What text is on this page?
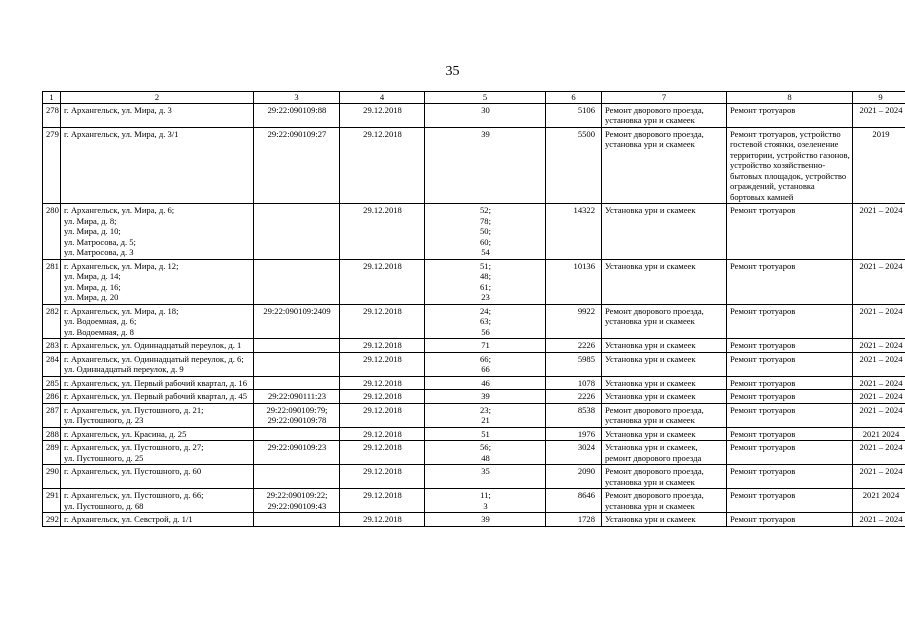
35
1	2	3	4	5	6	7	8	9
278	г. Архангельск, ул. Мира, д. 3	29:22:090109:88	29.12.2018	30	5106	Ремонт дворового проезда, установка урн и скамеек	Ремонт тротуаров	2021 – 2024
279	г. Архангельск, ул. Мира, д. 3/1	29:22:090109:27	29.12.2018	39	5500	Ремонт дворового проезда, установка урн и скамеек	Ремонт тротуаров, устройство гостевой стоянки, озеленение территории, устройство газонов, устройство хозяйственно-бытовых площадок, устройство ограждений, установка бортовых камней	2019
280	г. Архангельск, ул. Мира, д. 6;
ул. Мира, д. 8;
ул. Мира, д. 10;
ул. Матросова, д. 5;
ул. Матросова, д. 3		29.12.2018	52;
78;
50;
60;
54	14322	Установка урн и скамеек	Ремонт тротуаров	2021 – 2024
281	г. Архангельск, ул. Мира, д. 12;
ул. Мира, д. 14;
ул. Мира, д. 16;
ул. Мира, д. 20		29.12.2018	51;
48;
61;
23	10136	Установка урн и скамеек	Ремонт тротуаров	2021 – 2024
282	г. Архангельск, ул. Мира, д. 18;
ул. Водоемная, д. 6;
ул. Водоемная, д. 8	29:22:090109:2409	29.12.2018	24;
63;
56	9922	Ремонт дворового проезда, установка урн и скамеек	Ремонт тротуаров	2021 – 2024
283	г. Архангельск, ул. Одиннадцатый переулок, д. 1		29.12.2018	71	2226	Установка урн и скамеек	Ремонт тротуаров	2021 – 2024
284	г. Архангельск, ул. Одиннадцатый переулок, д. 6;
ул. Одиннадцатый переулок, д. 9		29.12.2018	66;
66	5985	Установка урн и скамеек	Ремонт тротуаров	2021 – 2024
285	г. Архангельск, ул. Первый рабочий квартал, д. 16		29.12.2018	46	1078	Установка урн и скамеек	Ремонт тротуаров	2021 – 2024
286	г. Архангельск, ул. Первый рабочий квартал, д. 45	29:22:090111:23	29.12.2018	39	2226	Установка урн и скамеек	Ремонт тротуаров	2021 – 2024
287	г. Архангельск, ул. Пустошного, д. 21;
ул. Пустошного, д. 23	29:22:090109:79;
29:22:090109:78	29.12.2018	23;
21	8538	Ремонт дворового проезда, установка урн и скамеек	Ремонт тротуаров	2021 – 2024
288	г. Архангельск, ул. Красина, д. 25		29.12.2018	51	1976	Установка урн и скамеек	Ремонт тротуаров	2021 2024
289	г. Архангельск, ул. Пустошного, д. 27;
ул. Пустошного, д. 25	29:22:090109:23	29.12.2018	56;
48	3024	Установка урн и скамеек, ремонт дворового проезда	Ремонт тротуаров	2021 – 2024
290	г. Архангельск, ул. Пустошного, д. 60		29.12.2018	35	2090	Ремонт дворового проезда, установка урн и скамеек	Ремонт тротуаров	2021 – 2024
291	г. Архангельск, ул. Пустошного, д. 66;
ул. Пустошного, д. 68	29:22:090109:22;
29:22:090109:43	29.12.2018	11;
3	8646	Ремонт дворового проезда, установка урн и скамеек	Ремонт тротуаров	2021 2024
292	г. Архангельск, ул. Севстрой, д. 1/1		29.12.2018	39	1728	Установка урн и скамеек	Ремонт тротуаров	2021 – 2024
